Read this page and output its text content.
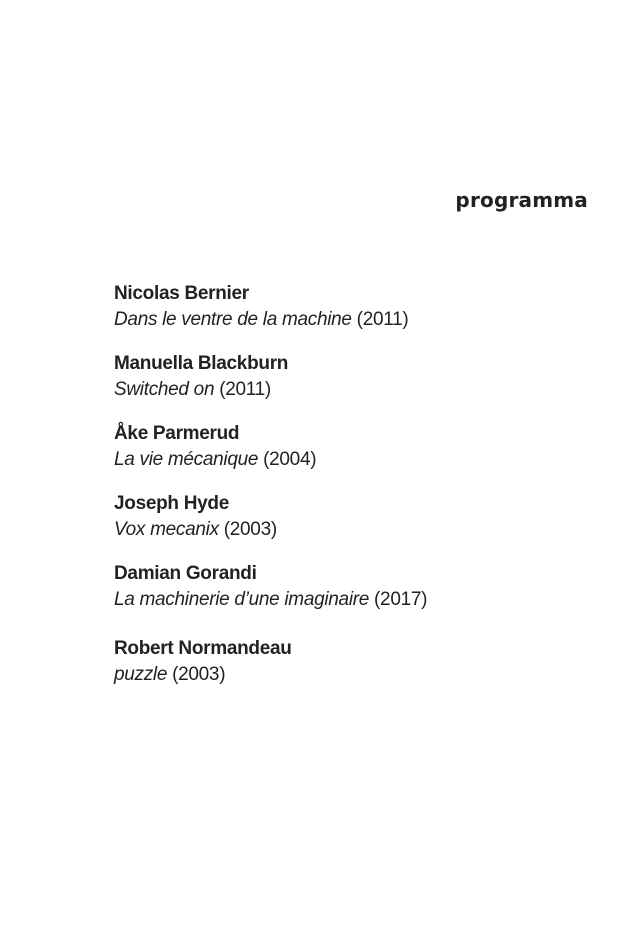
programma
Nicolas Bernier
Dans le ventre de la machine (2011)
Manuella Blackburn
Switched on (2011)
Åke Parmerud
La vie mécanique (2004)
Joseph Hyde
Vox mecanix (2003)
Damian Gorandi
La machinerie d’une imaginaire (2017)
Robert Normandeau
puzzle (2003)
